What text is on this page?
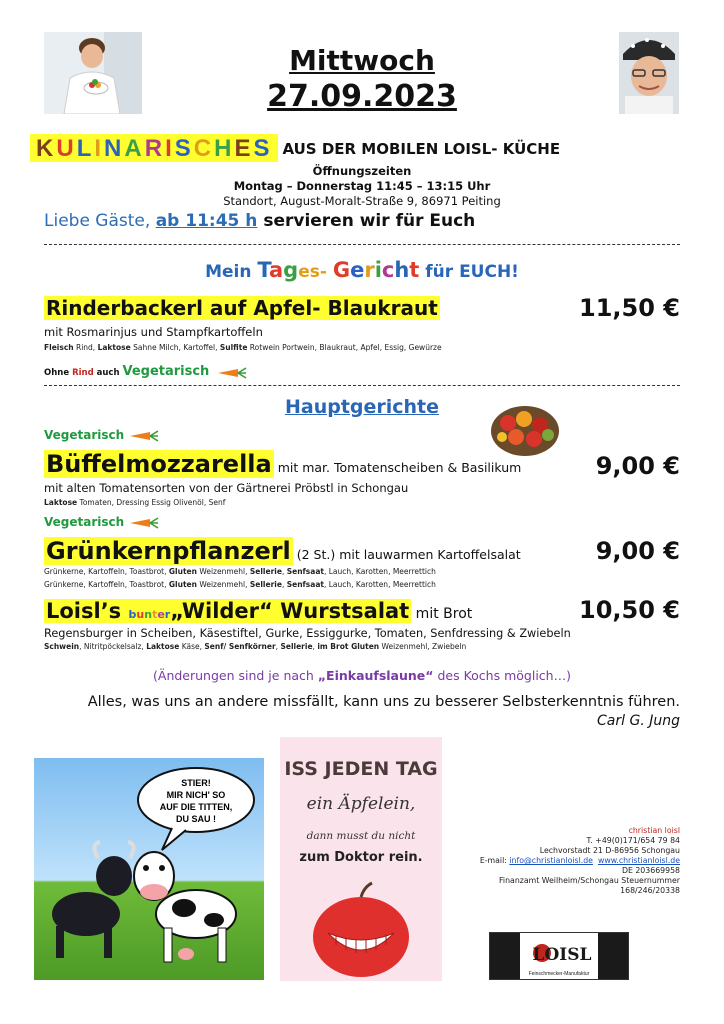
Mittwoch
27.09.2023
KULINARISCHES AUS DER MOBILEN LOISL- KÜCHE
Öffnungszeiten
Montag – Donnerstag 11:45 – 13:15 Uhr
Standort, August-Moralt-Straße 9, 86971 Peiting
Liebe Gäste, ab 11:45 h servieren wir für Euch
Mein Tages- Gericht für EUCH!
Rinderbackerl auf Apfel- Blaukraut	11,50 €
mit Rosmarinjus und Stampfkartoffeln
Fleisch Rind, Laktose Sahne Milch, Kartoffel, Sulfite Rotwein Portwein, Blaukraut, Apfel, Essig, Gewürze
Ohne Rind auch Vegetarisch
Hauptgerichte
Vegetarisch
Büffelmozzarella mit mar. Tomatenscheiben & Basilikum	9,00 €
mit alten Tomatensorten von der Gärtnerei Pröbstl in Schongau
Laktose Tomaten, Dressing Essig Olivenöl, Senf
Vegetarisch
Grünkernpflanzerl (2 St.) mit lauwarmen Kartoffelsalat	9,00 €
Grünkerne, Kartoffeln, Toastbrot, Gluten Weizenmehl, Sellerie, Senfsaat, Lauch, Karotten, Meerrettich
Grünkerne, Kartoffeln, Toastbrot, Gluten Weizenmehl, Sellerie, Senfsaat, Lauch, Karotten, Meerrettich
Loisl’s bunter„Wilder“ Wurstsalat mit Brot	10,50 €
Regensburger in Scheiben, Käsestiftel, Gurke, Essiggurke, Tomaten, Senfdressing & Zwiebeln
Schwein, Nitritpöckelsalz, Laktose Käse, Senf/ Senfkörner, Sellerie, im Brot Gluten Weizenmehl, Zwiebeln
(Änderungen sind je nach „Einkaufslaune“ des Kochs möglich…)
Alles, was uns an andere missfällt, kann uns zu besserer Selbsterkenntnis führen.
Carl G. Jung
STIER!
MIR NICH' SO
AUF DIE TITTEN,
DU SAU !
ISS JEDEN TAG
ein Äpfelein,
dann musst du nicht
zum Doktor rein.
christian loisl
T. +49(0)171/654 79 84
Lechvorstadt 21 D-86956 Schongau
E-mail: info@christianloisl.de www.christianloisl.de
DE 203669958
Finanzamt Weilheim/Schongau Steuernummer
168/246/20338
LOISL
Feinschmecker-Manufaktur
